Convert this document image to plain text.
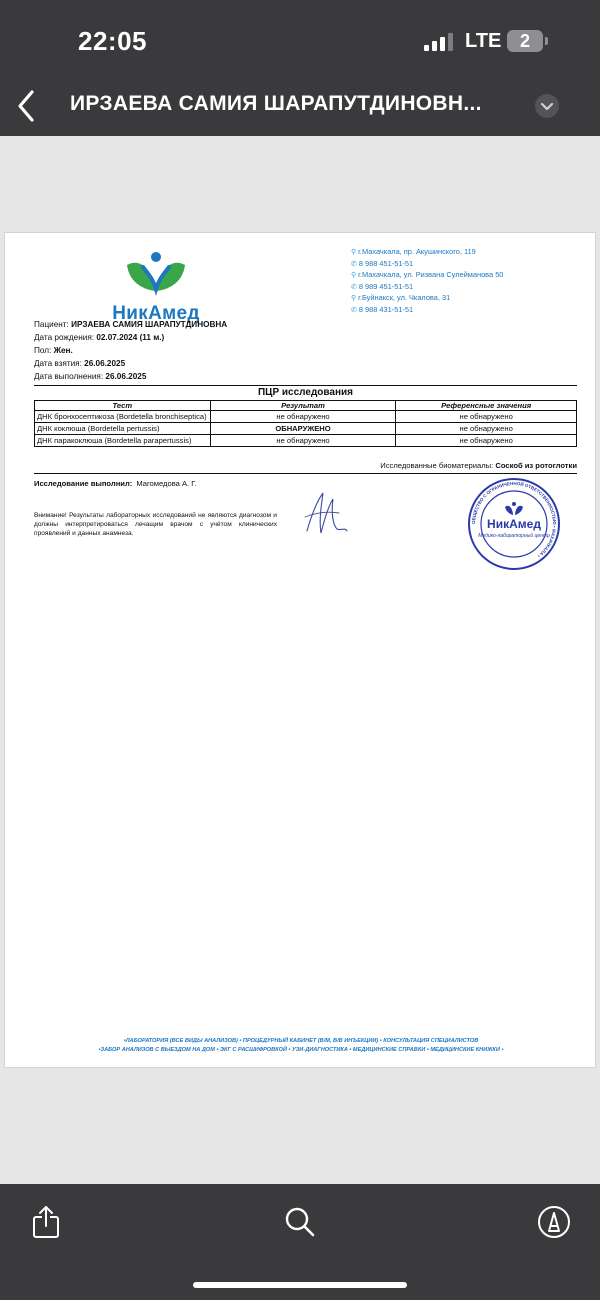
22:05	LTE	2
ИРЗАЕВА САМИЯ ШАРАПУТДИНОВН...
НикАмед
⚲ г.Махачкала, пр. Акушинского, 119
✆ 8 988 451-51-51
⚲ г.Махачкала, ул. Ризвана Сулейманова 50
✆ 8 989 451-51-51
⚲ г.Буйнакск, ул. Чкалова, 31
✆ 8 988 431-51-51
Пациент: ИРЗАЕВА САМИЯ ШАРАПУТДИНОВНА
Дата рождения: 02.07.2024 (11 м.)
Пол: Жен.
Дата взятия: 26.06.2025
Дата выполнения: 26.06.2025
ПЦР исследования
Тест	Результат	Референсные значения
ДНК бронхосептикоза (Bordetella bronchiseptica)	не обнаружено	не обнаружено
ДНК коклюша (Bordetella pertussis)	ОБНАРУЖЕНО	не обнаружено
ДНК паракоклюша (Bordetella parapertussis)	не обнаружено	не обнаружено
Исследованные биоматериалы: Соскоб из ротоглотки
Исследование выполнил: Магомедова А. Г.
Внимание! Результаты лабораторных исследований не являются диагнозом и должны интерпретироваться лечащим врачом с учётом клинических проявлений и данных анамнеза.
ОБЩЕСТВО С ОГРАНИЧЕННОЙ ОТВЕТСТВЕННОСТЬЮ • МАХАЧКАЛА •
НикАмед
Медико-лабораторный центр
•ЛАБОРАТОРИЯ (ВСЕ ВИДЫ АНАЛИЗОВ) • ПРОЦЕДУРНЫЙ КАБИНЕТ (В/М, В/В ИНЪЕКЦИИ) • КОНСУЛЬТАЦИЯ СПЕЦИАЛИСТОВ
•ЗАБОР АНАЛИЗОВ С ВЫЕЗДОМ НА ДОМ • ЭКГ С РАСШИФРОВКОЙ • УЗИ-ДИАГНОСТИКА • МЕДИЦИНСКИЕ СПРАВКИ • МЕДИЦИНСКИЕ КНИЖКИ •
